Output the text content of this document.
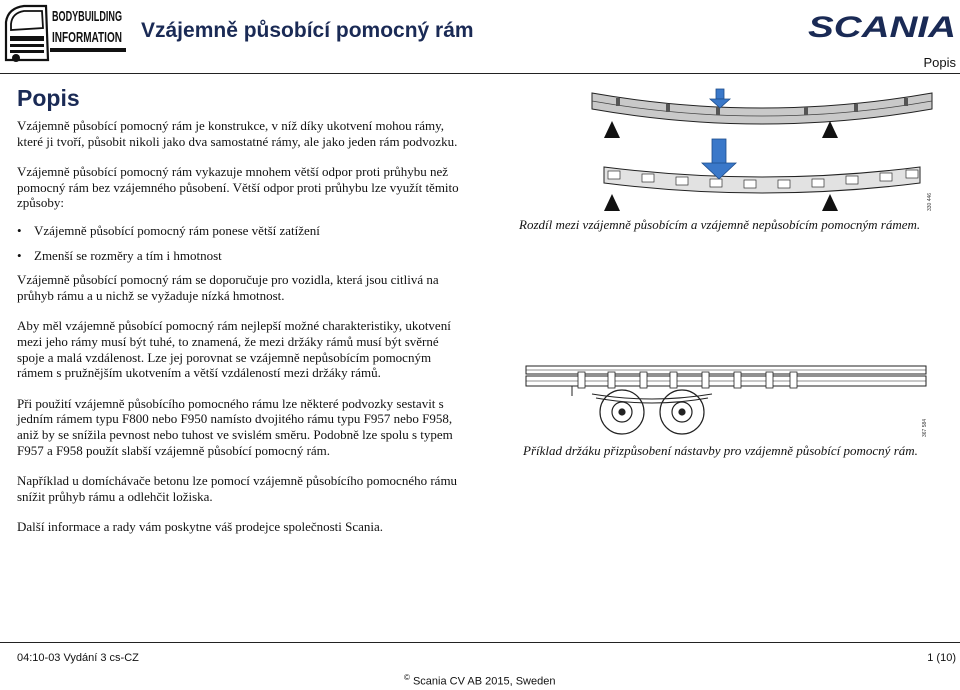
BODYBUILDING
INFORMATION Vzájemně působící pomocný rám	SCANIA
Popis
Popis

Vzájemně působící pomocný rám je konstrukce, v níž díky ukotvení mohou rámy, které ji tvoří, působit nikoli jako dva samostatné rámy, ale jako jeden rám podvozku.

Vzájemně působící pomocný rám vykazuje mnohem větší odpor proti průhybu než pomocný rám bez vzájemného působení. Větší odpor proti průhybu lze využít těmito způsoby:

• Vzájemně působící pomocný rám ponese větší zatížení
• Zmenší se rozměry a tím i hmotnost

Vzájemně působící pomocný rám se doporučuje pro vozidla, která jsou citlivá na průhyb rámu a u nichž se vyžaduje nízká hmotnost.

Aby měl vzájemně působící pomocný rám nejlepší možné charakteristiky, ukotvení mezi jeho rámy musí být tuhé, to znamená, že mezi držáky rámů musí být svěrné spoje a malá vzdálenost. Lze jej porovnat se vzájemně nepůsobícím pomocným rámem s pružnějším ukotvením a větší vzdáleností mezi držáky rámů.

Při použití vzájemně působícího pomocného rámu lze některé podvozky sestavit s jedním rámem typu F800 nebo F950 namísto dvojitého rámu typu F957 nebo F958, aniž by se snížila pevnost nebo tuhost ve svislém směru. Podobně lze spolu s typem F957 a F958 použít slabší vzájemně působící pomocný rám.

Například u domíchávače betonu lze pomocí vzájemně působícího pomocného rámu snížit průhyb rámu a odlehčit ložiska.

Další informace a rady vám poskytne váš prodejce společnosti Scania.

330 446
Rozdíl mezi vzájemně působícím a vzájemně nepůsobícím pomocným rámem.
367 584
Příklad držáku přizpůsobení nástavby pro vzájemně působící pomocný rám.
04:10-03 Vydání 3 cs-CZ	1 (10)
© Scania CV AB 2015, Sweden
